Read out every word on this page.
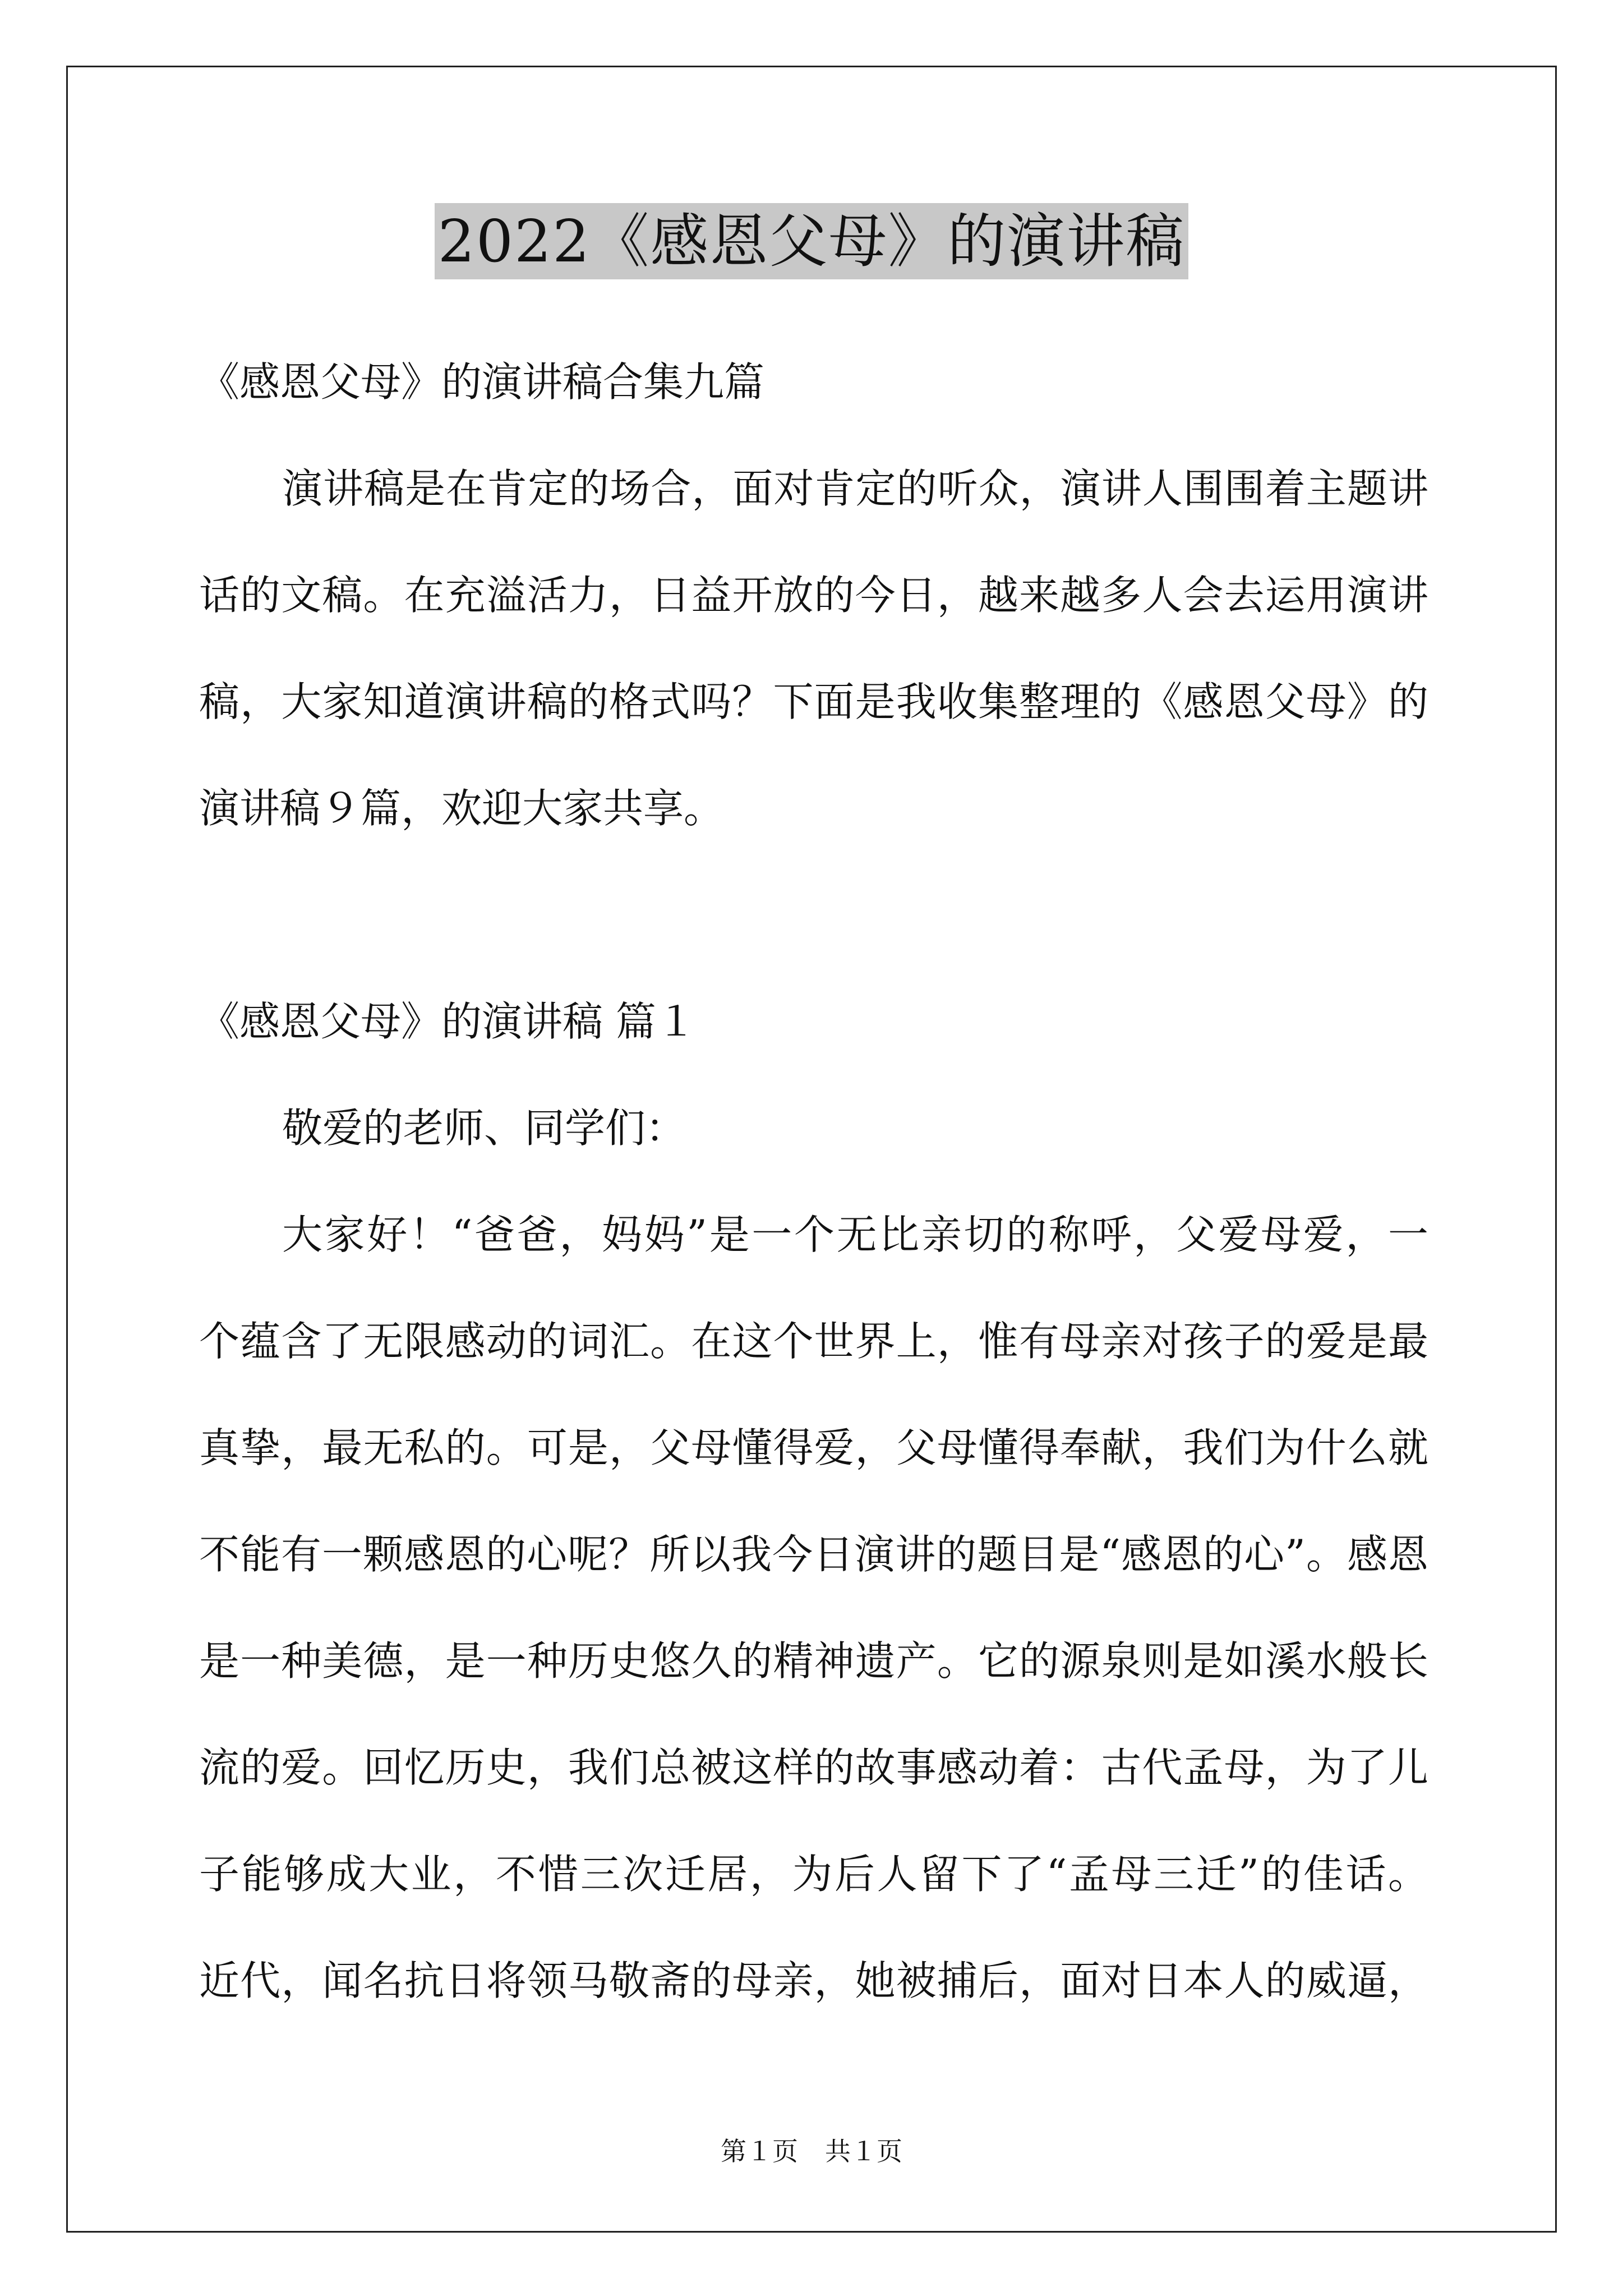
2022《感恩父母》的演讲稿

《感恩父母》的演讲稿合集九篇

演讲稿是在肯定的场合，面对肯定的听众，演讲人围围着主题讲

话的文稿。在充溢活力，日益开放的今日，越来越多人会去运用演讲

稿，大家知道演讲稿的格式吗？下面是我收集整理的《感恩父母》的

演讲稿９篇，欢迎大家共享。

《感恩父母》的演讲稿 篇１

敬爱的老师、同学们：

大家好！“爸爸，妈妈”是一个无比亲切的称呼，父爱母爱，一

个蕴含了无限感动的词汇。在这个世界上，惟有母亲对孩子的爱是最

真挚，最无私的。可是，父母懂得爱，父母懂得奉献，我们为什么就

不能有一颗感恩的心呢？所以我今日演讲的题目是“感恩的心”。感恩

是一种美德，是一种历史悠久的精神遗产。它的源泉则是如溪水般长

流的爱。回忆历史，我们总被这样的故事感动着：古代孟母，为了儿

子能够成大业，不惜三次迁居，为后人留下了“孟母三迁”的佳话。

近代，闻名抗日将领马敬斋的母亲，她被捕后，面对日本人的威逼，

第１页 共１页
